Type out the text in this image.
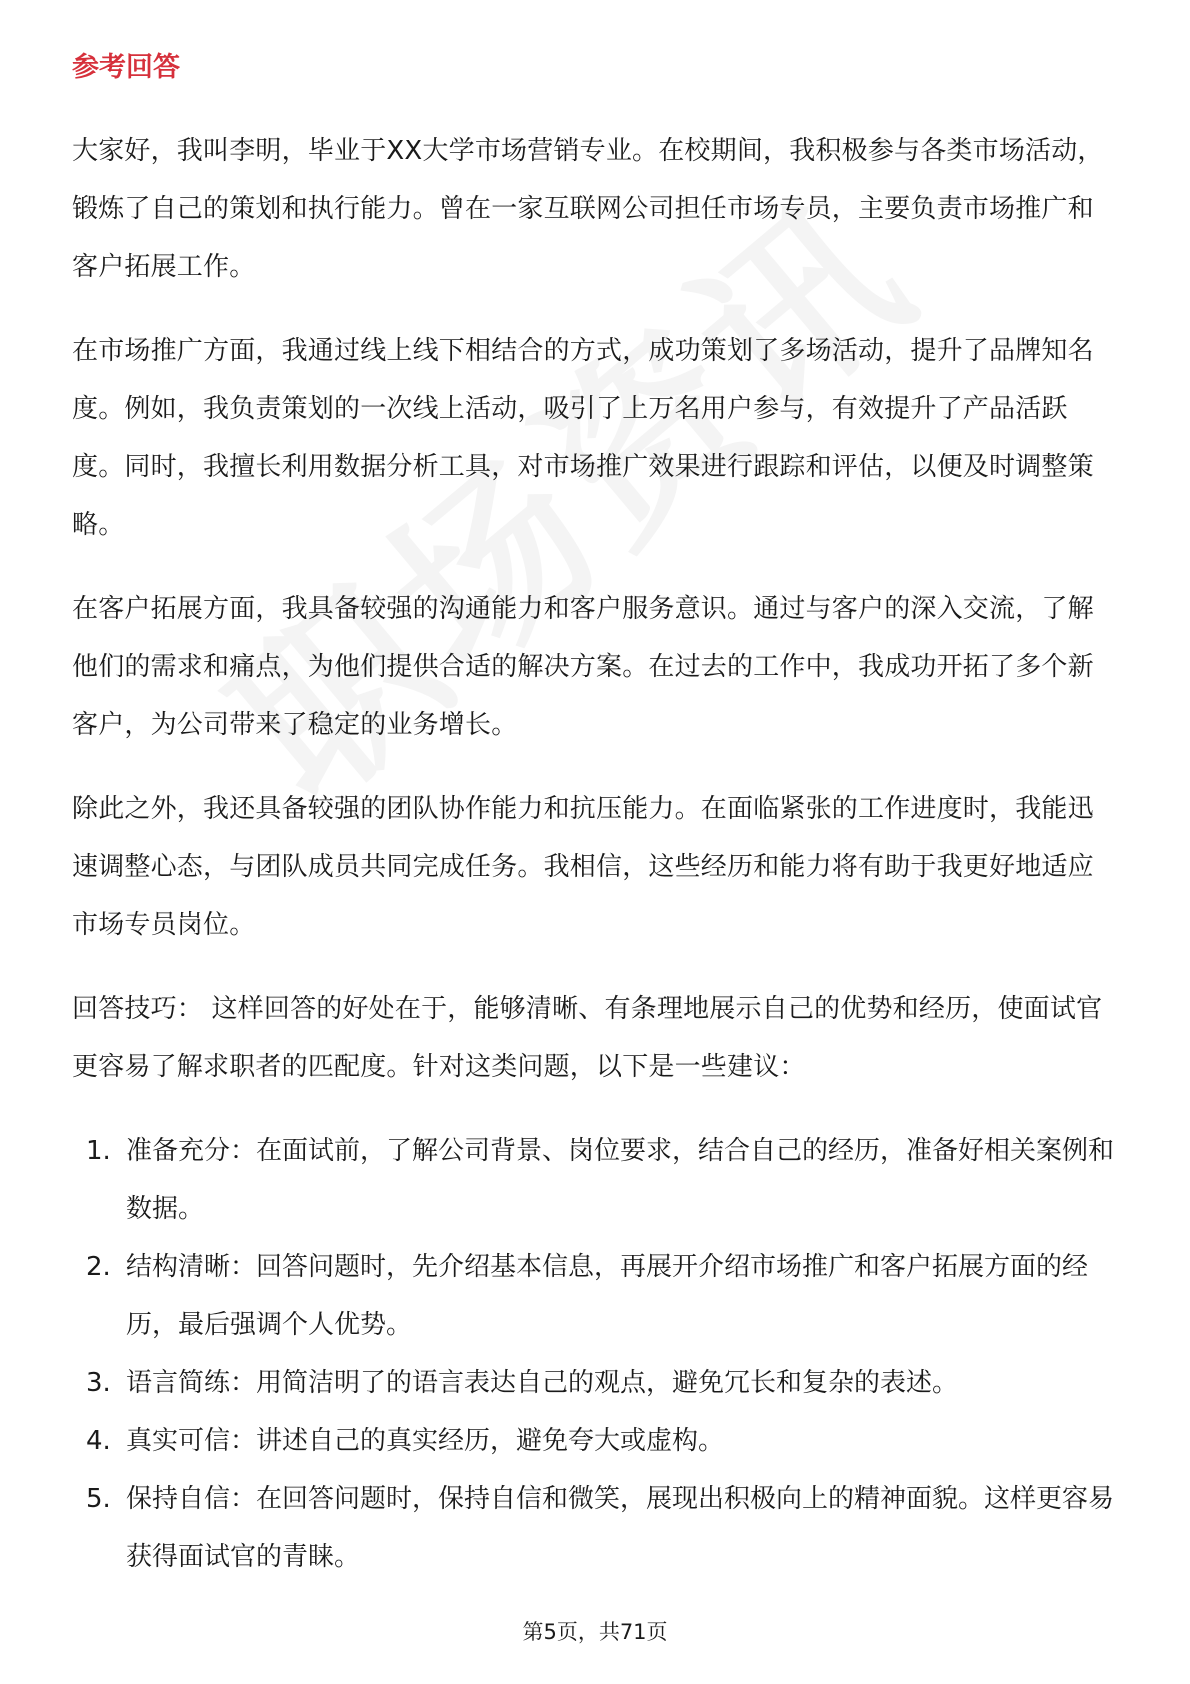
参考回答

大家好，我叫李明，毕业于XX大学市场营销专业。在校期间，我积极参与各类市场活动，锻炼了自己的策划和执行能力。曾在一家互联网公司担任市场专员，主要负责市场推广和客户拓展工作。

在市场推广方面，我通过线上线下相结合的方式，成功策划了多场活动，提升了品牌知名度。例如，我负责策划的一次线上活动，吸引了上万名用户参与，有效提升了产品活跃度。同时，我擅长利用数据分析工具，对市场推广效果进行跟踪和评估，以便及时调整策略。

在客户拓展方面，我具备较强的沟通能力和客户服务意识。通过与客户的深入交流，了解他们的需求和痛点，为他们提供合适的解决方案。在过去的工作中，我成功开拓了多个新客户，为公司带来了稳定的业务增长。

除此之外，我还具备较强的团队协作能力和抗压能力。在面临紧张的工作进度时，我能迅速调整心态，与团队成员共同完成任务。我相信，这些经历和能力将有助于我更好地适应市场专员岗位。

回答技巧： 这样回答的好处在于，能够清晰、有条理地展示自己的优势和经历，使面试官更容易了解求职者的匹配度。针对这类问题，以下是一些建议：

1. 准备充分：在面试前，了解公司背景、岗位要求，结合自己的经历，准备好相关案例和数据。
2. 结构清晰：回答问题时，先介绍基本信息，再展开介绍市场推广和客户拓展方面的经历，最后强调个人优势。
3. 语言简练：用简洁明了的语言表达自己的观点，避免冗长和复杂的表述。
4. 真实可信：讲述自己的真实经历，避免夸大或虚构。
5. 保持自信：在回答问题时，保持自信和微笑，展现出积极向上的精神面貌。这样更容易获得面试官的青睐。
第5页，共71页
